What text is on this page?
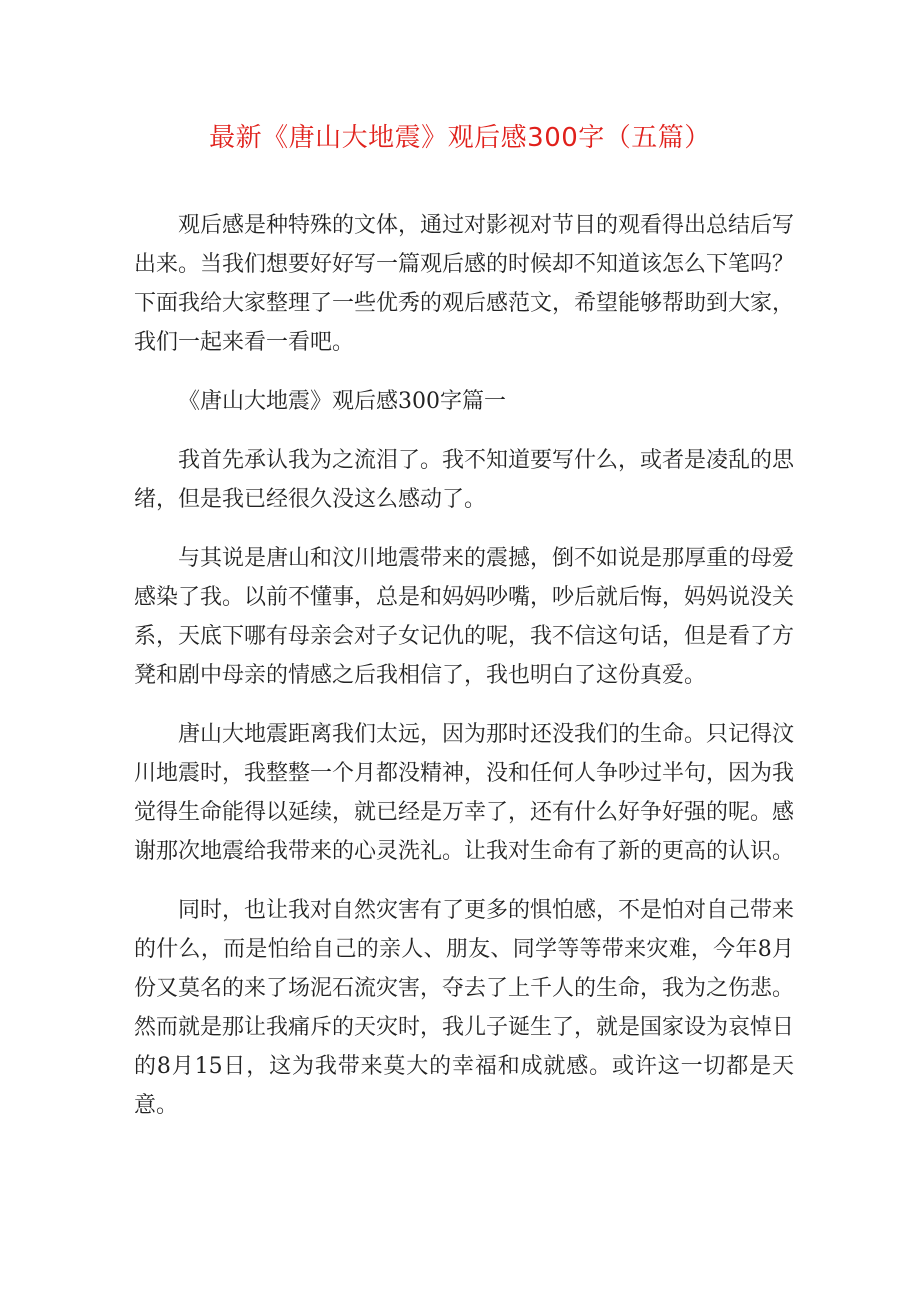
最新《唐山大地震》观后感300字（五篇）

观后感是种特殊的文体，通过对影视对节目的观看得出总结后写出来。当我们想要好好写一篇观后感的时候却不知道该怎么下笔吗？下面我给大家整理了一些优秀的观后感范文，希望能够帮助到大家，我们一起来看一看吧。

《唐山大地震》观后感300字篇一

我首先承认我为之流泪了。我不知道要写什么，或者是凌乱的思绪，但是我已经很久没这么感动了。

与其说是唐山和汶川地震带来的震撼，倒不如说是那厚重的母爱感染了我。以前不懂事，总是和妈妈吵嘴，吵后就后悔，妈妈说没关系，天底下哪有母亲会对子女记仇的呢，我不信这句话，但是看了方凳和剧中母亲的情感之后我相信了，我也明白了这份真爱。

唐山大地震距离我们太远，因为那时还没我们的生命。只记得汶川地震时，我整整一个月都没精神，没和任何人争吵过半句，因为我觉得生命能得以延续，就已经是万幸了，还有什么好争好强的呢。感谢那次地震给我带来的心灵洗礼。让我对生命有了新的更高的认识。

同时，也让我对自然灾害有了更多的惧怕感，不是怕对自己带来的什么，而是怕给自己的亲人、朋友、同学等等带来灾难，今年8月份又莫名的来了场泥石流灾害，夺去了上千人的生命，我为之伤悲。然而就是那让我痛斥的天灾时，我儿子诞生了，就是国家设为哀悼日的8月15日，这为我带来莫大的幸福和成就感。或许这一切都是天意。
